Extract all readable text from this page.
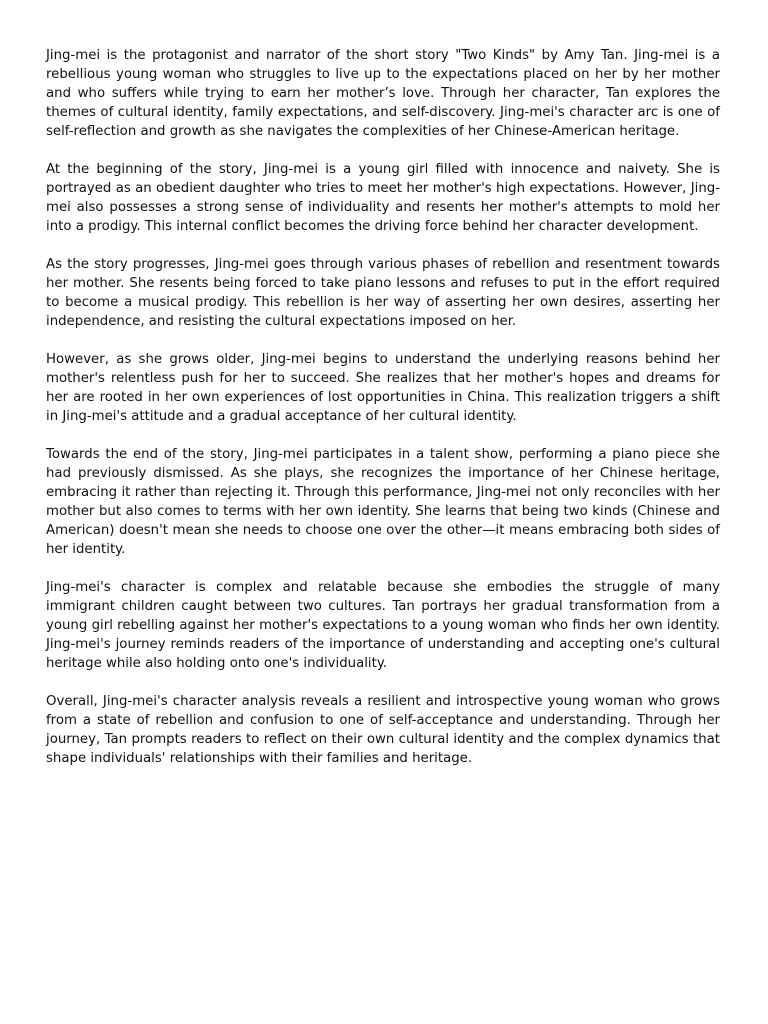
Jing-mei is the protagonist and narrator of the short story "Two Kinds" by Amy Tan. Jing-mei is a rebellious young woman who struggles to live up to the expectations placed on her by her mother and who suffers while trying to earn her mother’s love. Through her character, Tan explores the themes of cultural identity, family expectations, and self-discovery. Jing-mei's character arc is one of self-reflection and growth as she navigates the complexities of her Chinese-American heritage.

At the beginning of the story, Jing-mei is a young girl filled with innocence and naivety. She is portrayed as an obedient daughter who tries to meet her mother's high expectations. However, Jing-mei also possesses a strong sense of individuality and resents her mother's attempts to mold her into a prodigy. This internal conflict becomes the driving force behind her character development.

As the story progresses, Jing-mei goes through various phases of rebellion and resentment towards her mother. She resents being forced to take piano lessons and refuses to put in the effort required to become a musical prodigy. This rebellion is her way of asserting her own desires, asserting her independence, and resisting the cultural expectations imposed on her.

However, as she grows older, Jing-mei begins to understand the underlying reasons behind her mother's relentless push for her to succeed. She realizes that her mother's hopes and dreams for her are rooted in her own experiences of lost opportunities in China. This realization triggers a shift in Jing-mei's attitude and a gradual acceptance of her cultural identity.

Towards the end of the story, Jing-mei participates in a talent show, performing a piano piece she had previously dismissed. As she plays, she recognizes the importance of her Chinese heritage, embracing it rather than rejecting it. Through this performance, Jing-mei not only reconciles with her mother but also comes to terms with her own identity. She learns that being two kinds (Chinese and American) doesn't mean she needs to choose one over the other—it means embracing both sides of her identity.

Jing-mei's character is complex and relatable because she embodies the struggle of many immigrant children caught between two cultures. Tan portrays her gradual transformation from a young girl rebelling against her mother's expectations to a young woman who finds her own identity. Jing-mei's journey reminds readers of the importance of understanding and accepting one's cultural heritage while also holding onto one's individuality.

Overall, Jing-mei's character analysis reveals a resilient and introspective young woman who grows from a state of rebellion and confusion to one of self-acceptance and understanding. Through her journey, Tan prompts readers to reflect on their own cultural identity and the complex dynamics that shape individuals' relationships with their families and heritage.
